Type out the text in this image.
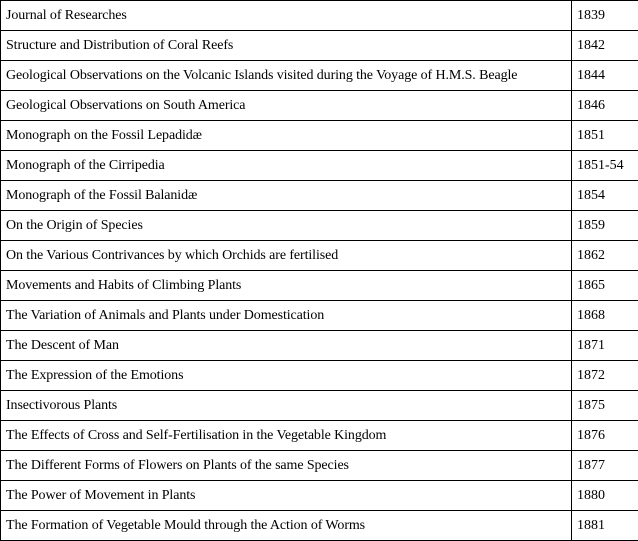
Journal of Researches	1839
Structure and Distribution of Coral Reefs	1842
Geological Observations on the Volcanic Islands visited during the Voyage of H.M.S. Beagle	1844
Geological Observations on South America	1846
Monograph on the Fossil Lepadidæ	1851
Monograph of the Cirripedia	1851-54
Monograph of the Fossil Balanidæ	1854
On the Origin of Species	1859
On the Various Contrivances by which Orchids are fertilised	1862
Movements and Habits of Climbing Plants	1865
The Variation of Animals and Plants under Domestication	1868
The Descent of Man	1871
The Expression of the Emotions	1872
Insectivorous Plants	1875
The Effects of Cross and Self-Fertilisation in the Vegetable Kingdom	1876
The Different Forms of Flowers on Plants of the same Species	1877
The Power of Movement in Plants	1880
The Formation of Vegetable Mould through the Action of Worms	1881
